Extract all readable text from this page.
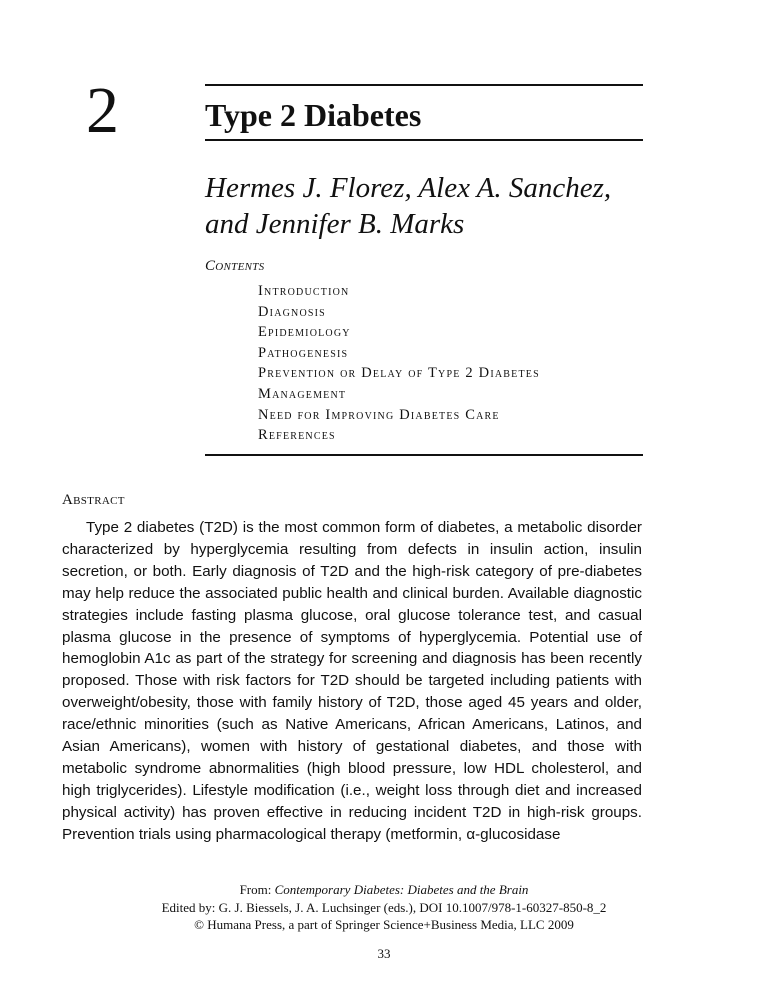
2	Type 2 Diabetes
Hermes J. Florez, Alex A. Sanchez,
and Jennifer B. Marks
Contents
Introduction
Diagnosis
Epidemiology
Pathogenesis
Prevention or Delay of Type 2 Diabetes
Management
Need for Improving Diabetes Care
References
Abstract

Type 2 diabetes (T2D) is the most common form of diabetes, a metabolic disorder characterized by hyperglycemia resulting from defects in insulin action, insulin secretion, or both. Early diagnosis of T2D and the high-risk category of pre-diabetes may help reduce the associated public health and clinical burden. Available diagnostic strategies include fasting plasma glucose, oral glucose tolerance test, and casual plasma glucose in the presence of symptoms of hyperglycemia. Potential use of hemoglobin A1c as part of the strategy for screening and diagnosis has been recently proposed. Those with risk factors for T2D should be targeted including patients with overweight/obesity, those with family history of T2D, those aged 45 years and older, race/ethnic minorities (such as Native Americans, African Americans, Latinos, and Asian Americans), women with history of gestational diabetes, and those with metabolic syndrome abnormalities (high blood pressure, low HDL cholesterol, and high triglycerides). Lifestyle modification (i.e., weight loss through diet and increased physical activity) has proven effective in reducing incident T2D in high-risk groups. Prevention trials using pharmacological therapy (metformin, α-glucosidase

From: Contemporary Diabetes: Diabetes and the Brain
Edited by: G. J. Biessels, J. A. Luchsinger (eds.), DOI 10.1007/978-1-60327-850-8_2
© Humana Press, a part of Springer Science+Business Media, LLC 2009
33
